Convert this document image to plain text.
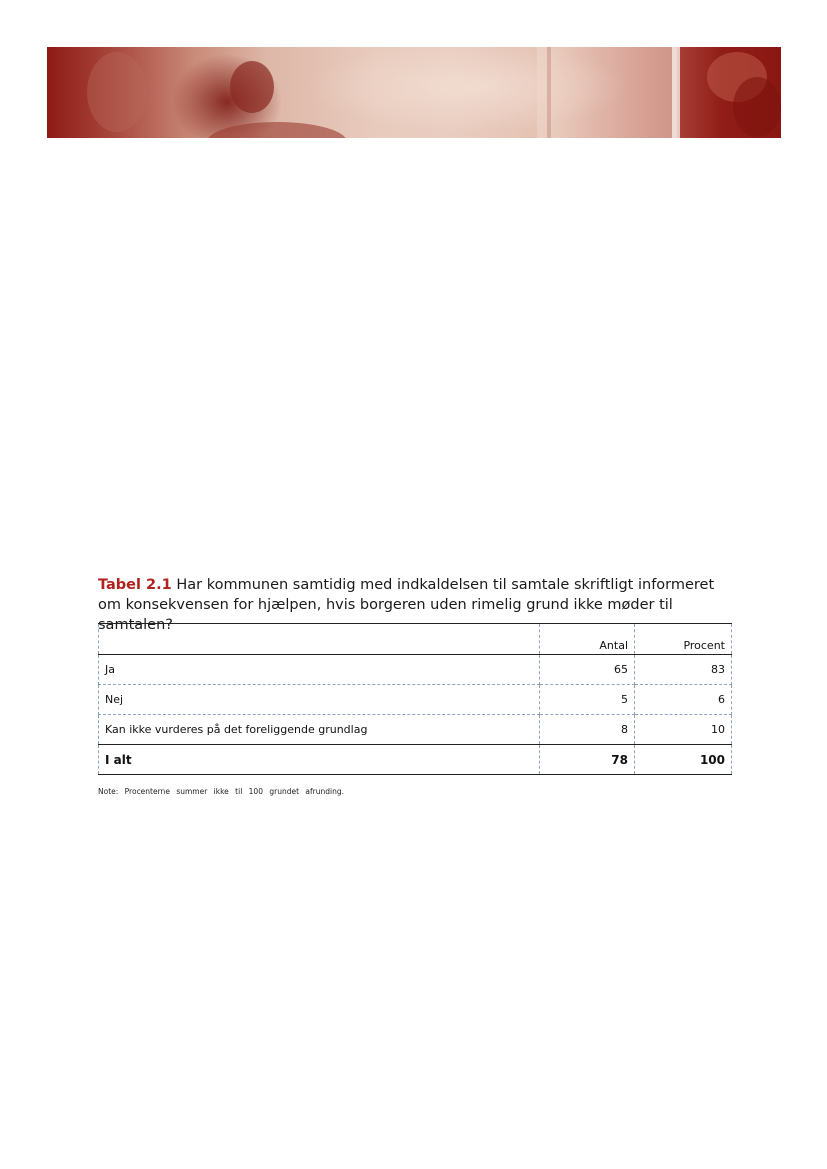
Tabel 2.1 Har kommunen samtidig med indkaldelsen til samtale skriftligt informeret om konsekvensen for hjælpen, hvis borgeren uden rimelig grund ikke møder til samtalen?
	Antal	Procent
Ja	65	83
Nej	5	6
Kan ikke vurderes på det foreliggende grundlag	8	10
I alt	78	100
Note: Procenterne summer ikke til 100 grundet afrunding.
